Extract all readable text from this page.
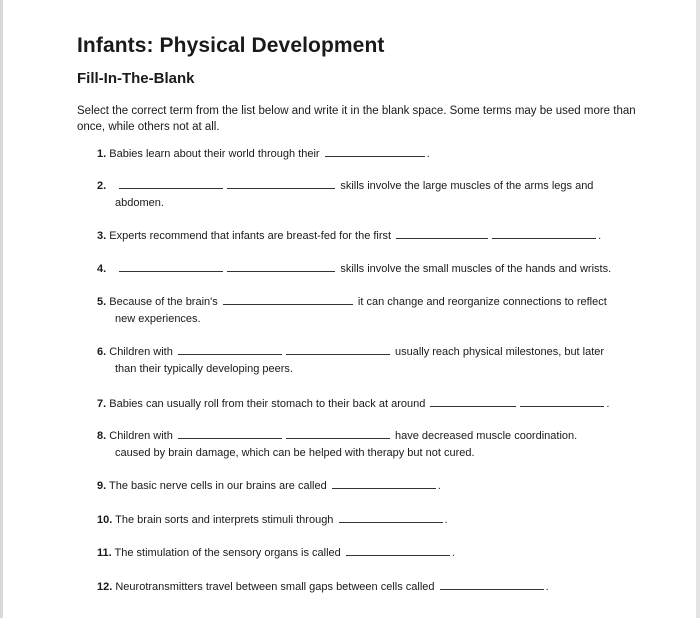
Infants: Physical Development
Fill-In-The-Blank

Select the correct term from the list below and write it in the blank space. Some terms may be used more than once, while others not at all.

1. Babies learn about their world through their	.
2.	skills involve the large muscles of the arms legs and
abdomen.
3. Experts recommend that infants are breast-fed for the first	.
4.	skills involve the small muscles of the hands and wrists.
5. Because of the brain's	it can change and reorganize connections to reflect
new experiences.
6. Children with	usually reach physical milestones, but later
than their typically developing peers.
7. Babies can usually roll from their stomach to their back at around	.
8. Children with	have decreased muscle coordination.
caused by brain damage, which can be helped with therapy but not cured.
9. The basic nerve cells in our brains are called	.
10. The brain sorts and interprets stimuli through	.
11. The stimulation of the sensory organs is called	.
12. Neurotransmitters travel between small gaps between cells called	.
